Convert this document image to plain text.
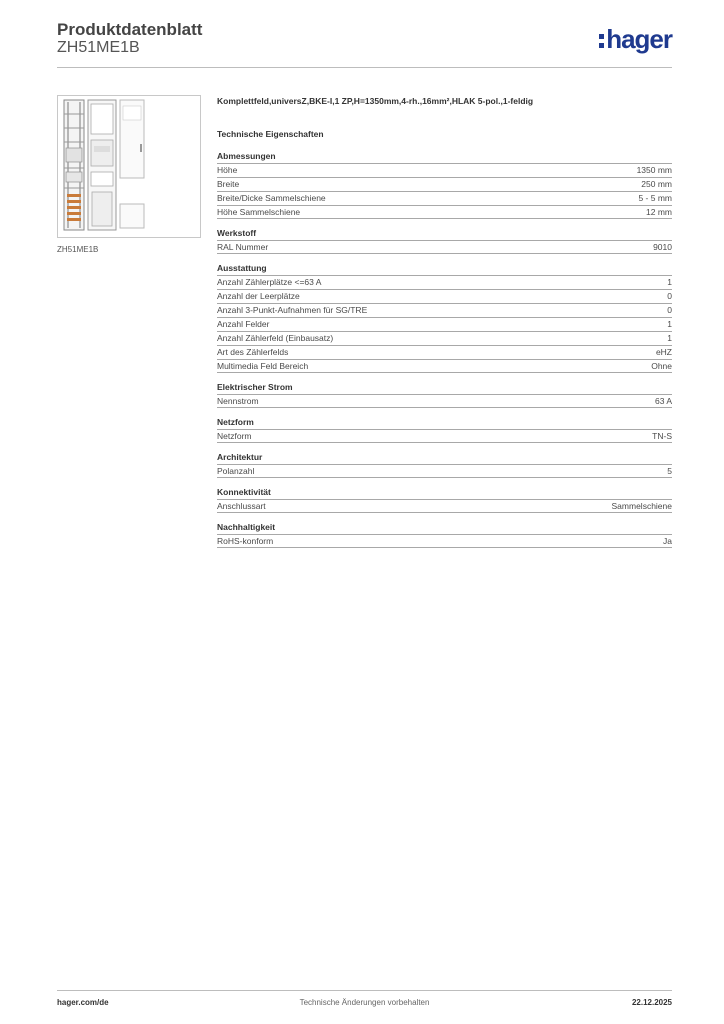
Produktdatenblatt
ZH51ME1B	hager
ZH51ME1B
Komplettfeld,universZ,BKE-I,1 ZP,H=1350mm,4-rh.,16mm²,HLAK 5-pol.,1-feldig
Technische Eigenschaften
Abmessungen
Höhe	1350 mm
Breite	250 mm
Breite/Dicke Sammelschiene	5 - 5 mm
Höhe Sammelschiene	12 mm
Werkstoff
RAL Nummer	9010
Ausstattung
Anzahl Zählerplätze <=63 A	1
Anzahl der Leerplätze	0
Anzahl 3-Punkt-Aufnahmen für SG/TRE	0
Anzahl Felder	1
Anzahl Zählerfeld (Einbausatz)	1
Art des Zählerfelds	eHZ
Multimedia Feld Bereich	Ohne
Elektrischer Strom
Nennstrom	63 A
Netzform
Netzform	TN-S
Architektur
Polanzahl	5
Konnektivität
Anschlussart	Sammelschiene
Nachhaltigkeit
RoHS-konform	Ja
hager.com/de	Technische Änderungen vorbehalten	22.12.2025
